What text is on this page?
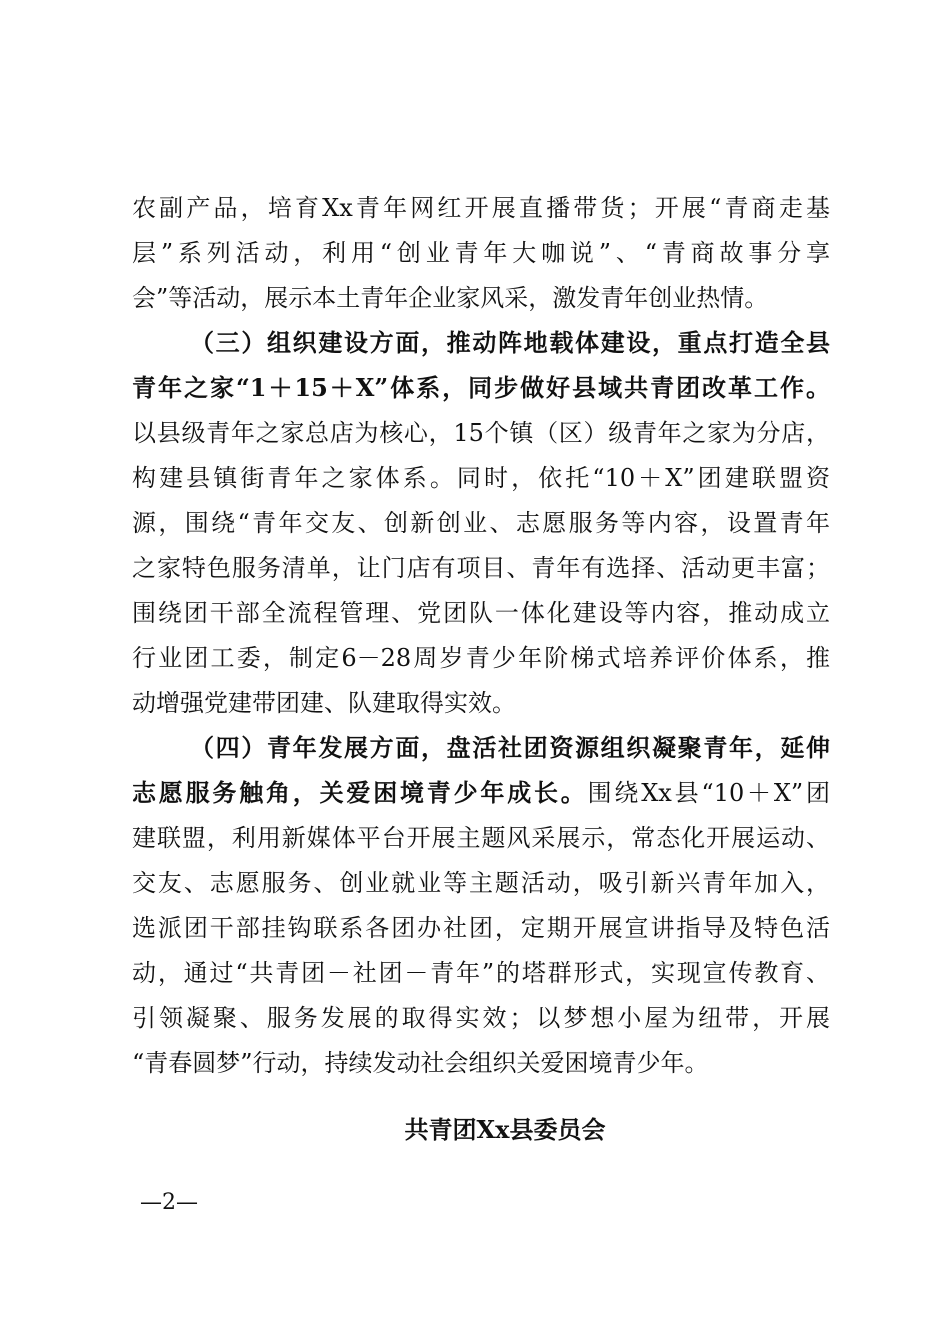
农副产品，培育Xx青年网红开展直播带货；开展“青商走基
层”系列活动，利用“创业青年大咖说”、“青商故事分享
会”等活动，展示本土青年企业家风采，激发青年创业热情。
（三）组织建设方面，推动阵地载体建设，重点打造全县
青年之家“1＋15＋X”体系，同步做好县域共青团改革工作。
以县级青年之家总店为核心，15个镇（区）级青年之家为分店，
构建县镇街青年之家体系。同时，依托“10＋X”团建联盟资
源，围绕“青年交友、创新创业、志愿服务等内容，设置青年
之家特色服务清单，让门店有项目、青年有选择、活动更丰富；
围绕团干部全流程管理、党团队一体化建设等内容，推动成立
行业团工委，制定6－28周岁青少年阶梯式培养评价体系，推
动增强党建带团建、队建取得实效。
（四）青年发展方面，盘活社团资源组织凝聚青年，延伸
志愿服务触角，关爱困境青少年成长。围绕Xx县“10＋X”团
建联盟，利用新媒体平台开展主题风采展示，常态化开展运动、
交友、志愿服务、创业就业等主题活动，吸引新兴青年加入，
选派团干部挂钩联系各团办社团，定期开展宣讲指导及特色活
动，通过“共青团－社团－青年”的塔群形式，实现宣传教育、
引领凝聚、服务发展的取得实效；以梦想小屋为纽带，开展
“青春圆梦”行动，持续发动社会组织关爱困境青少年。
共青团Xx县委员会
—2—
